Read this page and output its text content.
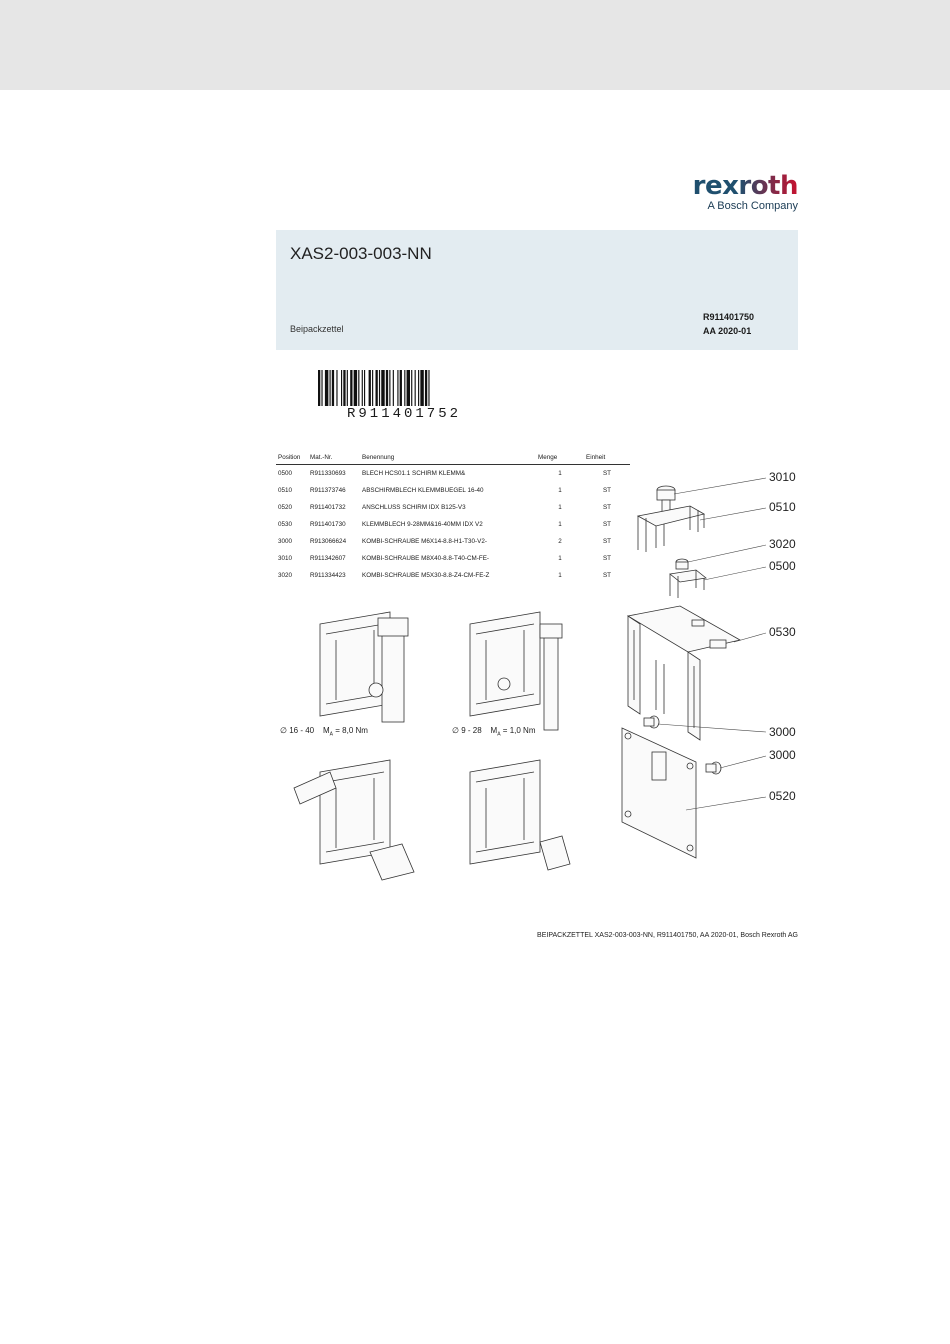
rexroth
A Bosch Company
XAS2-003-003-NN
Beipackzettel
R911401750
AA 2020-01
R911401752
Position	Mat.-Nr.	Benennung	Menge	Einheit
0500	R911330693	BLECH HCS01.1 SCHIRM KLEMM&	1	ST
0510	R911373746	ABSCHIRMBLECH KLEMMBUEGEL 16-40	1	ST
0520	R911401732	ANSCHLUSS SCHIRM IDX B125-V3	1	ST
0530	R911401730	KLEMMBLECH 9-28MM&16-40MM IDX V2	1	ST
3000	R913066624	KOMBI-SCHRAUBE M6X14-8.8-H1-T30-V2-	2	ST
3010	R911342607	KOMBI-SCHRAUBE M8X40-8.8-T40-CM-FE-	1	ST
3020	R911334423	KOMBI-SCHRAUBE M5X30-8.8-Z4-CM-FE-Z	1	ST
3010
0510
3020
0500
0530
3000
3000
0520
∅ 16 - 40 $M_A = 8,0$ Nm	∅ 9 - 28 $M_A = 1,0$ Nm
BEIPACKZETTEL XAS2-003-003-NN, R911401750, AA 2020-01, Bosch Rexroth AG
